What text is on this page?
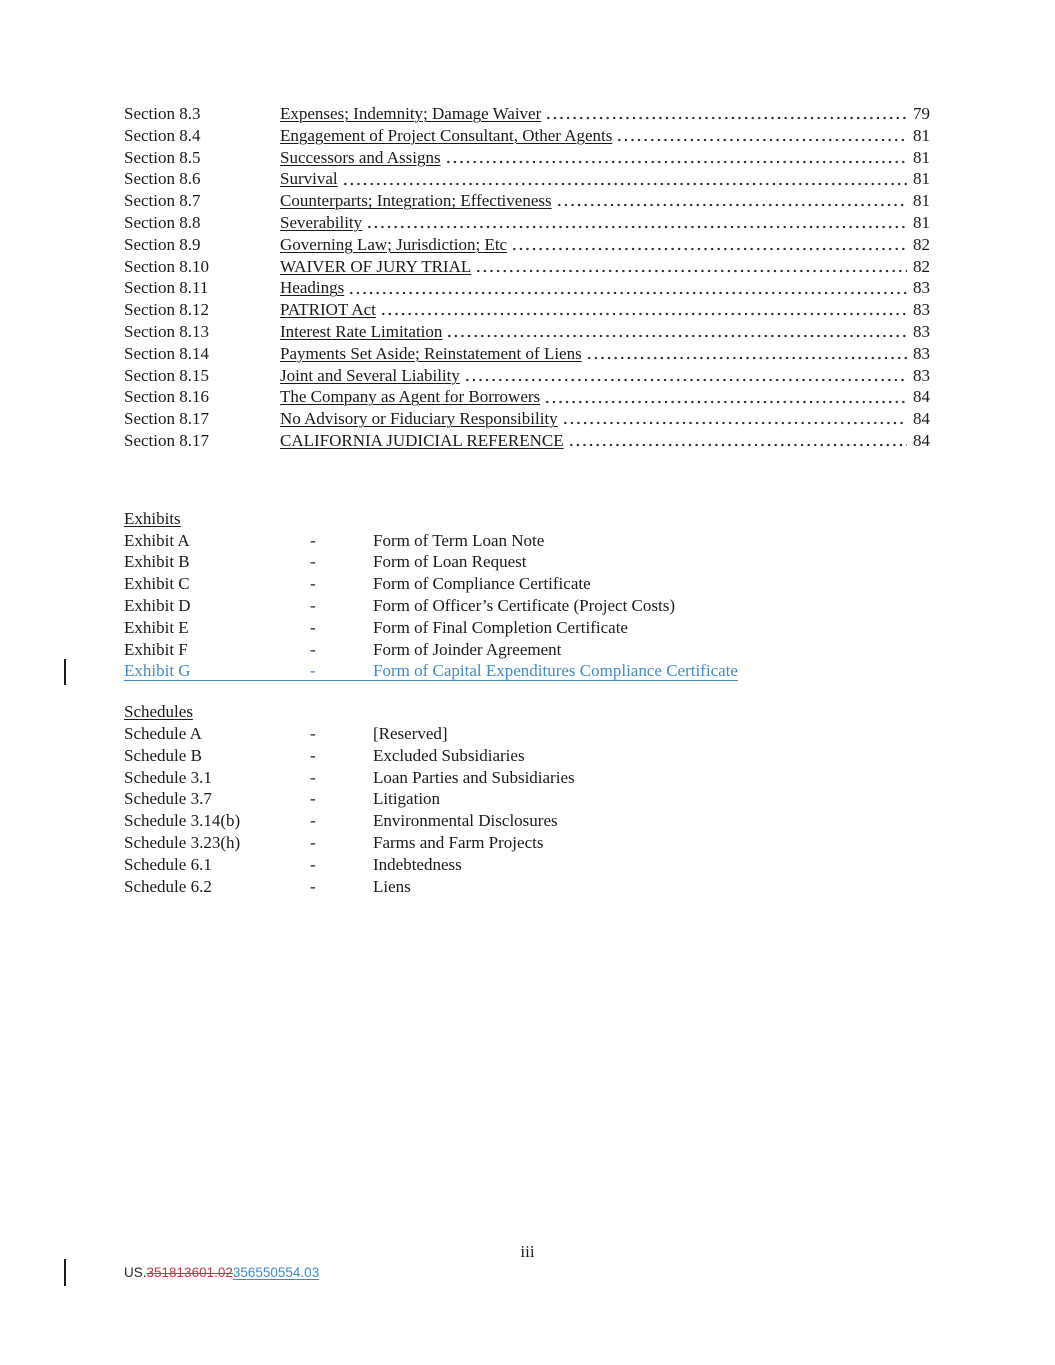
Section 8.3	Expenses; Indemnity; Damage Waiver	79
Section 8.4	Engagement of Project Consultant, Other Agents	81
Section 8.5	Successors and Assigns	81
Section 8.6	Survival	81
Section 8.7	Counterparts; Integration; Effectiveness	81
Section 8.8	Severability	81
Section 8.9	Governing Law; Jurisdiction; Etc	82
Section 8.10	WAIVER OF JURY TRIAL	82
Section 8.11	Headings	83
Section 8.12	PATRIOT Act	83
Section 8.13	Interest Rate Limitation	83
Section 8.14	Payments Set Aside; Reinstatement of Liens	83
Section 8.15	Joint and Several Liability	83
Section 8.16	The Company as Agent for Borrowers	84
Section 8.17	No Advisory or Fiduciary Responsibility	84
Section 8.17	CALIFORNIA JUDICIAL REFERENCE	84
Exhibits
Exhibit A	-	Form of Term Loan Note
Exhibit B	-	Form of Loan Request
Exhibit C	-	Form of Compliance Certificate
Exhibit D	-	Form of Officer’s Certificate (Project Costs)
Exhibit E	-	Form of Final Completion Certificate
Exhibit F	-	Form of Joinder Agreement
Exhibit G	-	Form of Capital Expenditures Compliance Certificate
Schedules
Schedule A	-	[Reserved]
Schedule B	-	Excluded Subsidiaries
Schedule 3.1	-	Loan Parties and Subsidiaries
Schedule 3.7	-	Litigation
Schedule 3.14(b)	-	Environmental Disclosures
Schedule 3.23(h)	-	Farms and Farm Projects
Schedule 6.1	-	Indebtedness
Schedule 6.2	-	Liens
iii
US.351813601.02356550554.03
